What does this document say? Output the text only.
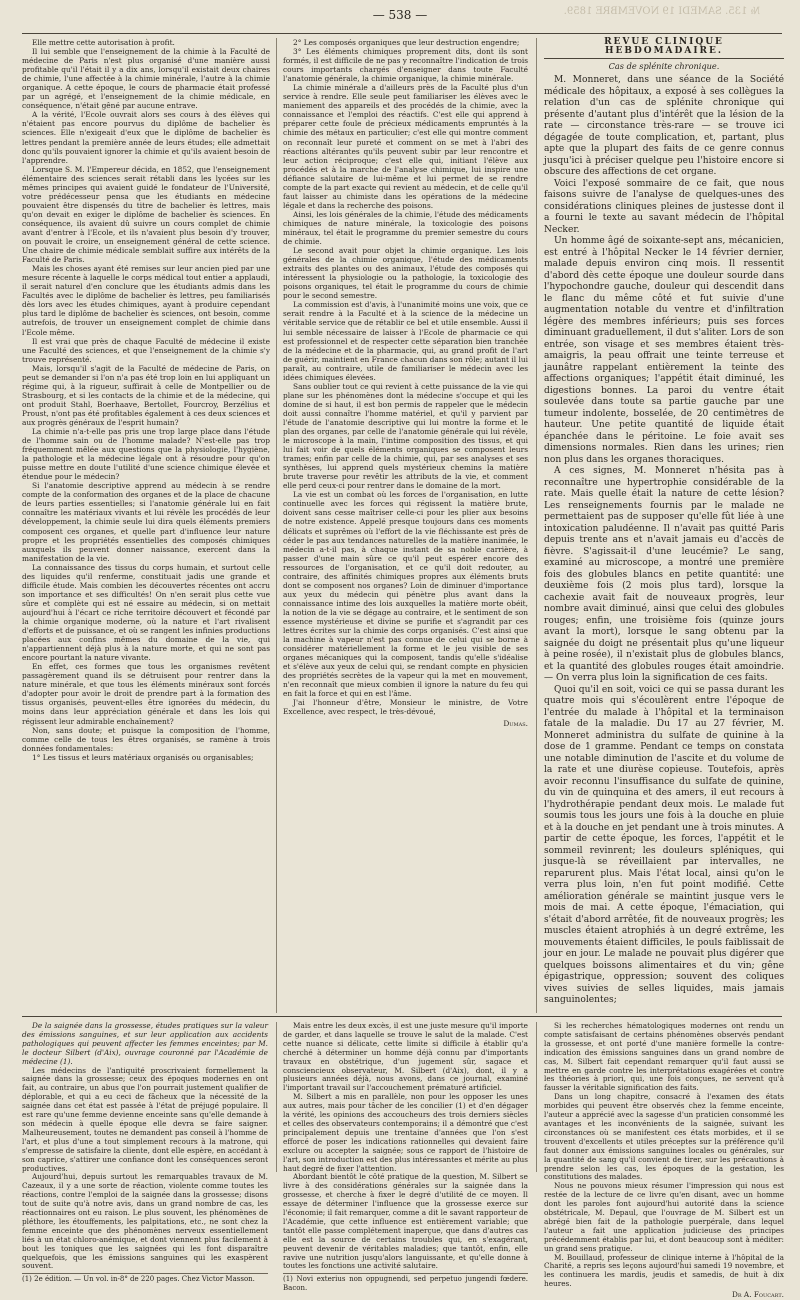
— 538 —	№ 135. SAMEDI 19 NOVEMBRE 1859.

Elle mettre cette autorisation à profit.

Il lui semble que l'enseignement de la chimie à la Faculté de médecine de Paris n'est plus organisé d'une manière aussi profitable qu'il l'était il y a dix ans, lorsqu'il existait deux chaires de chimie, l'une affectée à la chimie minérale, l'autre à la chimie organique. A cette époque, le cours de pharmacie était professé par un agrégé, et l'enseignement de la chimie médicale, en conséquence, n'était gêné par aucune entrave.

A la vérité, l'Ecole ouvrait alors ses cours à des élèves qui n'étaient pas encore pourvus du diplôme de bachelier ès sciences. Elle n'exigeait d'eux que le diplôme de bachelier ès lettres pendant la première année de leurs études; elle admettait donc qu'ils pouvaient ignorer la chimie et qu'ils avaient besoin de l'apprendre.

Lorsque S. M. l'Empereur décida, en 1852, que l'enseignement élémentaire des sciences serait rétabli dans les lycées sur les mêmes principes qui avaient guidé le fondateur de l'Université, votre prédécesseur pensa que les étudiants en médecine pouvaient être dispensés du titre de bachelier ès lettres, mais qu'on devait en exiger le diplôme de bachelier ès sciences. En conséquence, ils avaient dû suivre un cours complet de chimie avant d'entrer à l'Ecole, et ils n'avaient plus besoin d'y trouver, on pouvait le croire, un enseignement général de cette science. Une chaire de chimie médicale semblait suffire aux intérêts de la Faculté de Paris.

Mais les choses ayant été remises sur leur ancien pied par une mesure récente à laquelle le corps médical tout entier a applaudi, il serait naturel d'en conclure que les étudiants admis dans les Facultés avec le diplôme de bachelier ès lettres, peu familiarisés dès lors avec les études chimiques, ayant à produire cependant plus tard le diplôme de bachelier ès sciences, ont besoin, comme autrefois, de trouver un enseignement complet de chimie dans l'Ecole même.

Il est vrai que près de chaque Faculté de médecine il existe une Faculté des sciences, et que l'enseignement de la chimie s'y trouve représenté.

Mais, lorsqu'il s'agit de la Faculté de médecine de Paris, on peut se demander si l'on n'a pas été trop loin en lui appliquant un régime qui, à la rigueur, suffirait à celle de Montpellier ou de Strasbourg, et si les contacts de la chimie et de la médecine, qui ont produit Stahl, Boerhaave, Bertollet, Fourcroy, Berzélius et Proust, n'ont pas été profitables également à ces deux sciences et aux progrès généraux de l'esprit humain?

La chimie n'a-t-elle pas pris une trop large place dans l'étude de l'homme sain ou de l'homme malade? N'est-elle pas trop fréquemment mêlée aux questions que la physiologie, l'hygiène, la pathologie et la médecine légale ont à résoudre pour qu'on puisse mettre en doute l'utilité d'une science chimique élevée et étendue pour le médecin?

Si l'anatomie descriptive apprend au médecin à se rendre compte de la conformation des organes et de la place de chacune de leurs parties essentielles; si l'anatomie générale lui en fait connaître les matériaux vivants et lui révèle les procédés de leur développement, la chimie seule lui dira quels éléments premiers composent ces organes, et quelle part d'influence leur nature propre et les propriétés essentielles des composés chimiques auxquels ils peuvent donner naissance, exercent dans la manifestation de la vie.

La connaissance des tissus du corps humain, et surtout celle des liquides qu'il renferme, constituait jadis une grande et difficile étude. Mais combien les découvertes récentes ont accru son importance et ses difficultés! On n'en serait plus cette vue sûre et complète qui est né essaire au médecin, si on mettait aujourd'hui à l'écart ce riche territoire découvert et fécondé par la chimie organique moderne, où la nature et l'art rivalisent d'efforts et de puissance, et où se rangent les infinies productions placées aux confins mêmes du domaine de la vie, qui n'appartiennent déjà plus à la nature morte, et qui ne sont pas encore pourtant la nature vivante.

En effet, ces formes que tous les organismes revêtent passagèrement quand ils se détruisent pour rentrer dans la nature minérale, et que tous les éléments minéraux sont forcés d'adopter pour avoir le droit de prendre part à la formation des tissus organisés, peuvent-elles être ignorées du médecin, du moins dans leur appréciation générale et dans les lois qui régissent leur admirable enchaînement?

Non, sans doute; et puisque la composition de l'homme, comme celle de tous les êtres organisés, se ramène à trois données fondamentales:

1° Les tissus et leurs matériaux organisés ou organisables;

2° Les composés organiques que leur destruction engendre;

3° Les éléments chimiques proprement dits, dont ils sont formés, il est difficile de ne pas y reconnaître l'indication de trois cours importants chargés d'enseigner dans toute Faculté l'anatomie générale, la chimie organique, la chimie minérale.

La chimie minérale a d'ailleurs près de la Faculté plus d'un service à rendre. Elle seule peut familiariser les élèves avec le maniement des appareils et des procédés de la chimie, avec la connaissance et l'emploi des réactifs. C'est elle qui apprend à préparer cette foule de précieux médicaments empruntés à la chimie des métaux en particulier; c'est elle qui montre comment on reconnaît leur pureté et comment on se met à l'abri des réactions altérantes qu'ils peuvent subir par leur rencontre et leur action réciproque; c'est elle qui, initiant l'élève aux procédés et à la marche de l'analyse chimique, lui inspire une défiance salutaire de lui-même et lui permet de se rendre compte de la part exacte qui revient au médecin, et de celle qu'il faut laisser au chimiste dans les opérations de la médecine légale et dans la recherche des poisons.

Ainsi, les lois générales de la chimie, l'étude des médicaments chimiques de nature minérale, la toxicologie des poisons minéraux, tel était le programme du premier semestre du cours de chimie.

Le second avait pour objet la chimie organique. Les lois générales de la chimie organique, l'étude des médicaments extraits des plantes ou des animaux, l'étude des composés qui intéressent la physiologie ou la pathologie, la toxicologie des poisons organiques, tel était le programme du cours de chimie pour le second semestre.

La commission est d'avis, à l'unanimité moins une voix, que ce serait rendre à la Faculté et à la science de la médecine un véritable service que de rétablir ce bel et utile ensemble. Aussi il lui semble nécessaire de laisser à l'Ecole de pharmacie ce qui est professionnel et de respecter cette séparation bien tranchée de la médecine et de la pharmacie, qui, au grand profit de l'art de guérir, maintient en France chacun dans son rôle; autant il lui paraît, au contraire, utile de familiariser le médecin avec les idées chimiques élevées.

Sans oublier tout ce qui revient à cette puissance de la vie qui plane sur les phénomènes dont la médecine s'occupe et qui les domine de si haut, il est bon permis de rappeler que le médecin doit aussi connaître l'homme matériel, et qu'il y parvient par l'étude de l'anatomie descriptive qui lui montre la forme et le plan des organes, par celle de l'anatomie générale qui lui révèle, le microscope à la main, l'intime composition des tissus, et qui lui fait voir de quels éléments organiques se composent leurs trames; enfin par celle de la chimie, qui, par ses analyses et ses synthèses, lui apprend quels mystérieux chemins la matière brute traverse pour revêtir les attributs de la vie, et comment elle perd ceux-ci pour rentrer dans le domaine de la mort.

La vie est un combat où les forces de l'organisation, en lutte continuelle avec les forces qui régissent la matière brute, doivent sans cesse maîtriser celle-ci pour les plier aux besoins de notre existence. Appelé presque toujours dans ces moments délicats et suprêmes où l'effort de la vie fléchissante est près de céder le pas aux tendances naturelles de la matière inanimée, le médecin a-t-il pas, à chaque instant de sa noble carrière, à passer d'une main sûre ce qu'il peut espérer encore des ressources de l'organisation, et ce qu'il doit redouter, au contraire, des affinités chimiques propres aux éléments bruts dont se composent nos organes? Loin de diminuer d'importance aux yeux du médecin qui pénètre plus avant dans la connaissance intime des lois auxquelles la matière morte obéit, la notion de la vie se dégage au contraire, et le sentiment de son essence mystérieuse et divine se purifie et s'agrandit par ces lettres écrites sur la chimie des corps organisés. C'est ainsi que la machine à vapeur n'est pas connue de celui qui se borne à considérer matériellement la forme et le jeu visible de ses organes mécaniques qui la composent, tandis qu'elle s'idéalise et s'élève aux yeux de celui qui, se rendant compte en physicien des propriétés secrètes de la vapeur qui la met en mouvement, n'en reconnaît que mieux combien il ignore la nature du feu qui en fait la force et qui en est l'âme.

J'ai l'honneur d'être, Monsieur le ministre, de Votre Excellence, avec respect, le très-dévoué,

Dumas.
REVUE CLINIQUE HEBDOMADAIRE.
Cas de splénite chronique.

M. Monneret, dans une séance de la Société médicale des hôpitaux, a exposé à ses collègues la relation d'un cas de splénite chronique qui présente d'autant plus d'intérêt que la lésion de la rate — circonstance très-rare — se trouve ici dégagée de toute complication, et, partant, plus apte que la plupart des faits de ce genre connus jusqu'ici à préciser quelque peu l'histoire encore si obscure des affections de cet organe.

Voici l'exposé sommaire de ce fait, que nous faisons suivre de l'analyse de quelques-unes des considérations cliniques pleines de justesse dont il a fourni le texte au savant médecin de l'hôpital Necker.

Un homme âgé de soixante-sept ans, mécanicien, est entré à l'hôpital Necker le 14 février dernier, malade depuis environ cinq mois. Il ressentit d'abord dès cette époque une douleur sourde dans l'hypochondre gauche, douleur qui descendit dans le flanc du même côté et fut suivie d'une augmentation notable du ventre et d'infiltration légère des membres inférieurs; puis ses forces diminuant graduellement, il dut s'aliter. Lors de son entrée, son visage et ses membres étaient très-amaigris, la peau offrait une teinte terreuse et jaunâtre rappelant entièrement la teinte des affections organiques; l'appétit était diminué, les digestions bonnes. La paroi du ventre était soulevée dans toute sa partie gauche par une tumeur indolente, bosselée, de 20 centimètres de hauteur. Une petite quantité de liquide était épanchée dans le péritoine. Le foie avait ses dimensions normales. Rien dans les urines; rien non plus dans les organes thoraciques.

A ces signes, M. Monneret n'hésita pas à reconnaître une hypertrophie considérable de la rate. Mais quelle était la nature de cette lésion? Les renseignements fournis par le malade ne permettaient pas de supposer qu'elle fût liée à une intoxication paludéenne. Il n'avait pas quitté Paris depuis trente ans et n'avait jamais eu d'accès de fièvre. S'agissait-il d'une leucémie? Le sang, examiné au microscope, a montré une première fois des globules blancs en petite quantité: une deuxième fois (2 mois plus tard), lorsque la cachexie avait fait de nouveaux progrès, leur nombre avait diminué, ainsi que celui des globules rouges; enfin, une troisième fois (quinze jours avant la mort), lorsque le sang obtenu par la saignée du doigt ne présentait plus qu'une liqueur à peine rosée), il n'existait plus de globules blancs, et la quantité des globules rouges était amoindrie. — On verra plus loin la signification de ces faits.

Quoi qu'il en soit, voici ce qui se passa durant les quatre mois qui s'écoulèrent entre l'époque de l'entrée du malade à l'hôpital et la terminaison fatale de la maladie. Du 17 au 27 février, M. Monneret administra du sulfate de quinine à la dose de 1 gramme. Pendant ce temps on constata une notable diminution de l'ascite et du volume de la rate et une diurèse copieuse. Toutefois, après avoir reconnu l'insuffisance du sulfate de quinine, du vin de quinquina et des amers, il eut recours à l'hydrothérapie pendant deux mois. Le malade fut soumis tous les jours une fois à la douche en pluie et à la douche en jet pendant une à trois minutes. A partir de cette époque, les forces, l'appétit et le sommeil revinrent; les douleurs spléniques, qui jusque-là se réveillaient par intervalles, ne reparurent plus. Mais l'état local, ainsi qu'on le verra plus loin, n'en fut point modifié. Cette amélioration générale se maintint jusque vers le mois de mai. A cette époque, l'émaciation, qui s'était d'abord arrêtée, fit de nouveaux progrès; les muscles étaient atrophiés à un degré extrême, les mouvements étaient difficiles, le pouls faiblissait de jour en jour. Le malade ne pouvait plus digérer que quelques boissons alimentaires et du vin; gêne épigastrique, oppression; souvent des coliques vives suivies de selles liquides, mais jamais sanguinolentes;

De la saignée dans la grossesse, études pratiques sur la valeur des émissions sanguines, et sur leur application aux accidents pathologiques qui peuvent affecter les femmes enceintes; par M. le docteur Silbert (d'Aix), ouvrage couronné par l'Académie de médecine (1).

Les médecins de l'antiquité proscrivaient formellement la saignée dans la grossesse; ceux des époques modernes en ont fait, au contraire, un abus que l'on pourrait justement qualifier de déplorable, et qui a eu ceci de fâcheux que la nécessité de la saignée dans cet état est passée à l'état de préjugé populaire. Il est rare qu'une femme devienne enceinte sans qu'elle demande à son médecin à quelle époque elle devra se faire saigner. Malheureusement, toutes ne demandent pas conseil à l'homme de l'art, et plus d'une a tout simplement recours à la matrone, qui s'empresse de satisfaire la cliente, dont elle espère, en accédant à son caprice, s'attirer une confiance dont les conséquences seront productives.

Aujourd'hui, depuis surtout les remarquables travaux de M. Cazeaux, il y a une sorte de réaction, violente comme toutes les réactions, contre l'emploi de la saignée dans la grossesse; disons tout de suite qu'à notre avis, dans un grand nombre de cas, les réactionnaires ont eu raison. Le plus souvent, les phénomènes de pléthore, les étouffements, les palpitations, etc., ne sont chez la femme enceinte que des phénomènes nerveux essentiellement liés à un état chloro-anémique, et dont viennent plus facilement à bout les toniques que les saignées qui les font disparaître quelquefois, que les émissions sanguines qui les exaspèrent souvent.

(1) 2e édition. — Un vol. in-8° de 220 pages. Chez Victor Masson.

Mais entre les deux excès, il est une juste mesure qu'il importe de garder, et dans laquelle se trouve le salut de la malade. C'est cette nuance si délicate, cette limite si difficile à établir qu'a cherché à déterminer un homme déjà connu par d'importants travaux en obstétrique, d'un jugement sûr, sagace et consciencieux observateur, M. Silbert (d'Aix), dont, il y a plusieurs années déjà, nous avons, dans ce journal, examiné l'important travail sur l'accouchement prématuré artificiel.

M. Silbert a mis en parallèle, non pour les opposer les unes aux autres, mais pour tâcher de les concilier (1) et d'en dégager la vérité, les opinions des accoucheurs des trois derniers siècles et celles des observateurs contemporains; il a démontré que c'est principalement depuis une trentaine d'années que l'on s'est efforcé de poser les indications rationnelles qui devaient faire exclure ou accepter la saignée; sous ce rapport de l'histoire de l'art, son introduction est des plus intéressantes et mérite au plus haut degré de fixer l'attention.

Abordant bientôt le côté pratique de la question, M. Silbert se livre à des considérations générales sur la saignée dans la grossesse, et cherche à fixer le degré d'utilité de ce moyen. Il essaye de déterminer l'influence que la grossesse exerce sur l'économie; il fait remarquer, comme a dit le savant rapporteur de l'Académie, que cette influence est entièrement variable; que tantôt elle passe complétement inaperçue, que dans d'autres cas elle est la source de certains troubles qui, en s'exagérant, peuvent devenir de véritables maladies; que tantôt, enfin, elle ravive une nutrition jusqu'alors languissante, et qu'elle donne à toutes les fonctions une activité salutaire.

(1) Novi exterius non oppugnendi, sed perpetuo jungendi fœdere. Bacon.

Si les recherches hématologiques modernes ont rendu un compte satisfaisant de certains phénomènes observés pendant la grossesse, et ont porté d'une manière formelle la contre-indication des émissions sanguines dans un grand nombre de cas, M. Silbert fait cependant remarquer qu'il faut aussi se mettre en garde contre les interprétations exagérées et contre les théories à priori, qui, une fois conçues, ne servent qu'à fausser la véritable signification des faits.

Dans un long chapitre, consacré à l'examen des états morbides qui peuvent être observés chez la femme enceinte, l'auteur a apprécié avec la sagesse d'un praticien consommé les avantages et les inconvénients de la saignée, suivant les circonstances où se manifestent ces états morbides, et il se trouvent d'excellents et utiles préceptes sur la préférence qu'il faut donner aux émissions sanguines locales ou générales, sur la quantité de sang qu'il convient de tirer, sur les précautions à prendre selon les cas, les époques de la gestation, les constitutions des malades.

Nous ne pouvons mieux résumer l'impression qui nous est restée de la lecture de ce livre qu'en disant, avec un homme dont les paroles font aujourd'hui autorité dans la science obstétricale, M. Depaul, que l'ouvrage de M. Silbert est un abrégé bien fait de la pathologie puerpérale, dans lequel l'auteur a fait une application judicieuse des principes précédemment établis par lui, et dont beaucoup sont à méditer: un grand sens pratique.

M. Bouillaud, professeur de clinique interne à l'hôpital de la Charité, a repris ses leçons aujourd'hui samedi 19 novembre, et les continuera les mardis, jeudis et samedis, de huit à dix heures.

Dr A. Foucart.
